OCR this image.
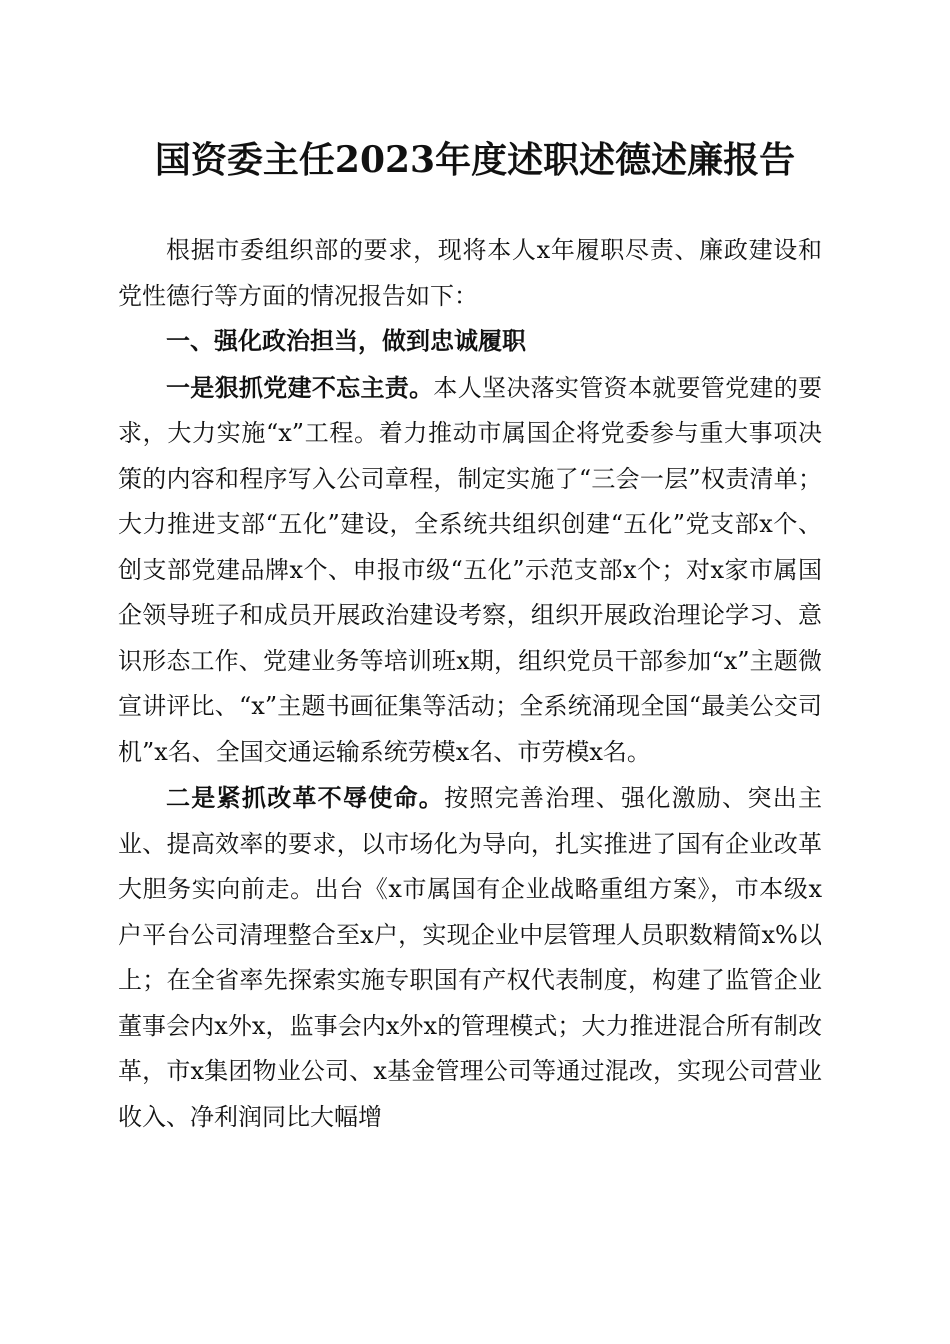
国资委主任2023年度述职述德述廉报告

根据市委组织部的要求，现将本人x年履职尽责、廉政建设和党性德行等方面的情况报告如下：

一、强化政治担当，做到忠诚履职

一是狠抓党建不忘主责。本人坚决落实管资本就要管党建的要求，大力实施“x”工程。着力推动市属国企将党委参与重大事项决策的内容和程序写入公司章程，制定实施了“三会一层”权责清单；大力推进支部“五化”建设，全系统共组织创建“五化”党支部x个、创支部党建品牌x个、申报市级“五化”示范支部x个；对x家市属国企领导班子和成员开展政治建设考察，组织开展政治理论学习、意识形态工作、党建业务等培训班x期，组织党员干部参加“x”主题微宣讲评比、“x”主题书画征集等活动；全系统涌现全国“最美公交司机”x名、全国交通运输系统劳模x名、市劳模x名。

二是紧抓改革不辱使命。按照完善治理、强化激励、突出主业、提高效率的要求，以市场化为导向，扎实推进了国有企业改革大胆务实向前走。出台《x市属国有企业战略重组方案》，市本级x户平台公司清理整合至x户，实现企业中层管理人员职数精简x%以上；在全省率先探索实施专职国有产权代表制度，构建了监管企业董事会内x外x，监事会内x外x的管理模式；大力推进混合所有制改革，市x集团物业公司、x基金管理公司等通过混改，实现公司营业收入、净利润同比大幅增
